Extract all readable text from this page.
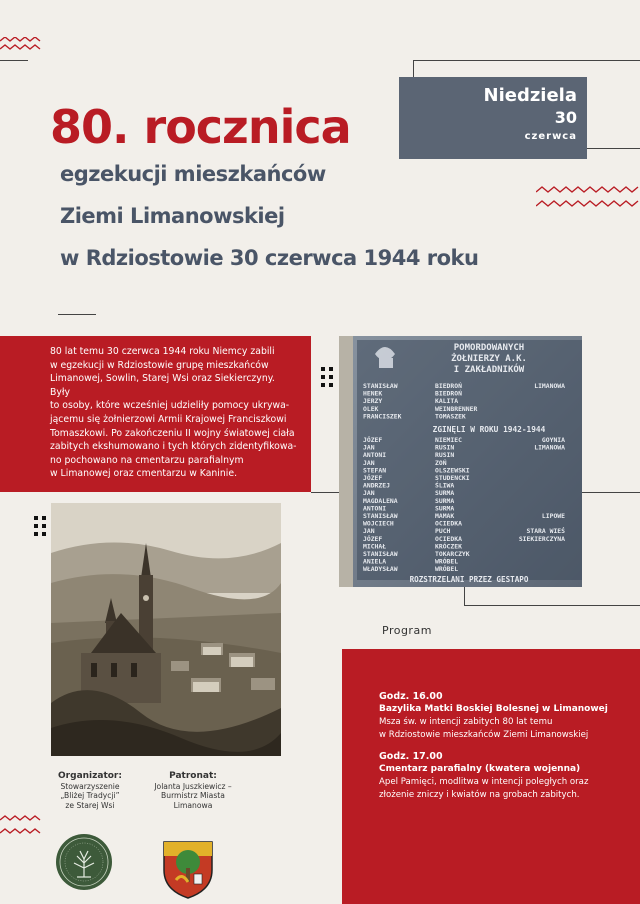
Niedziela
30
czerwca
80. rocznica
egzekucji mieszkańców
Ziemi Limanowskiej
w Rdziostowie 30 czerwca 1944 roku
80 lat temu 30 czerwca 1944 roku Niemcy zabili
w egzekucji w Rdziostowie grupę mieszkańców
Limanowej, Sowlin, Starej Wsi oraz Siekierczyny. Były
to osoby, które wcześniej udzieliły pomocy ukrywa-
jącemu się żołnierzowi Armii Krajowej Franciszkowi
Tomaszkowi. Po zakończeniu II wojny światowej ciała
zabitych ekshumowano i tych których zidentyfikowa-
no pochowano na cmentarzu parafialnym
w Limanowej oraz cmentarzu w Kaninie.
POMORDOWANYCH
ŻOŁNIERZY A.K.
I ZAKŁADNIKÓW
STANISŁAW	BIEDROŃ	LIMANOWA
HENEK	BIEDROŃ
JERZY	KALITA
OLEK	WEINBRENNER
FRANCISZEK	TOMASZEK
ZGINĘLI W ROKU 1942-1944
JÓZEF	NIEMIEC	GOYNIA
JAN	RUSIN	LIMANOWA
ANTONI	RUSIN
JAN	ZOŃ
STEFAN	OLSZEWSKI
JÓZEF	STUDENCKI
ANDRZEJ	ŚLIWA
JAN	SURMA
MAGDALENA	SURMA
ANTONI	SURMA
STANISŁAW	MAMAK	LIPOWE
WOJCIECH	OCIEDKA
JAN	PUCH	STARA WIEŚ
JÓZEF	OCIEDKA	SIEKIERCZYNA
MICHAŁ	KRÓCZEK
STANISŁAW	TOKARCZYK
ANIELA	WRÓBEL
WŁADYSŁAW	WRÓBEL
ROZSTRZELANI PRZEZ GESTAPO
Program
Godz. 16.00
Bazylika Matki Boskiej Bolesnej w Limanowej
Msza św. w intencji zabitych 80 lat temu
w Rdziostowie mieszkańców Ziemi Limanowskiej
Godz. 17.00
Cmentarz parafialny (kwatera wojenna)
Apel Pamięci, modlitwa w intencji poległych oraz
złożenie zniczy i kwiatów na grobach zabitych.
Organizator:
Stowarzyszenie
„Bliżej Tradycji”
ze Starej Wsi
Patronat:
Jolanta Juszkiewicz –
Burmistrz Miasta
Limanowa
